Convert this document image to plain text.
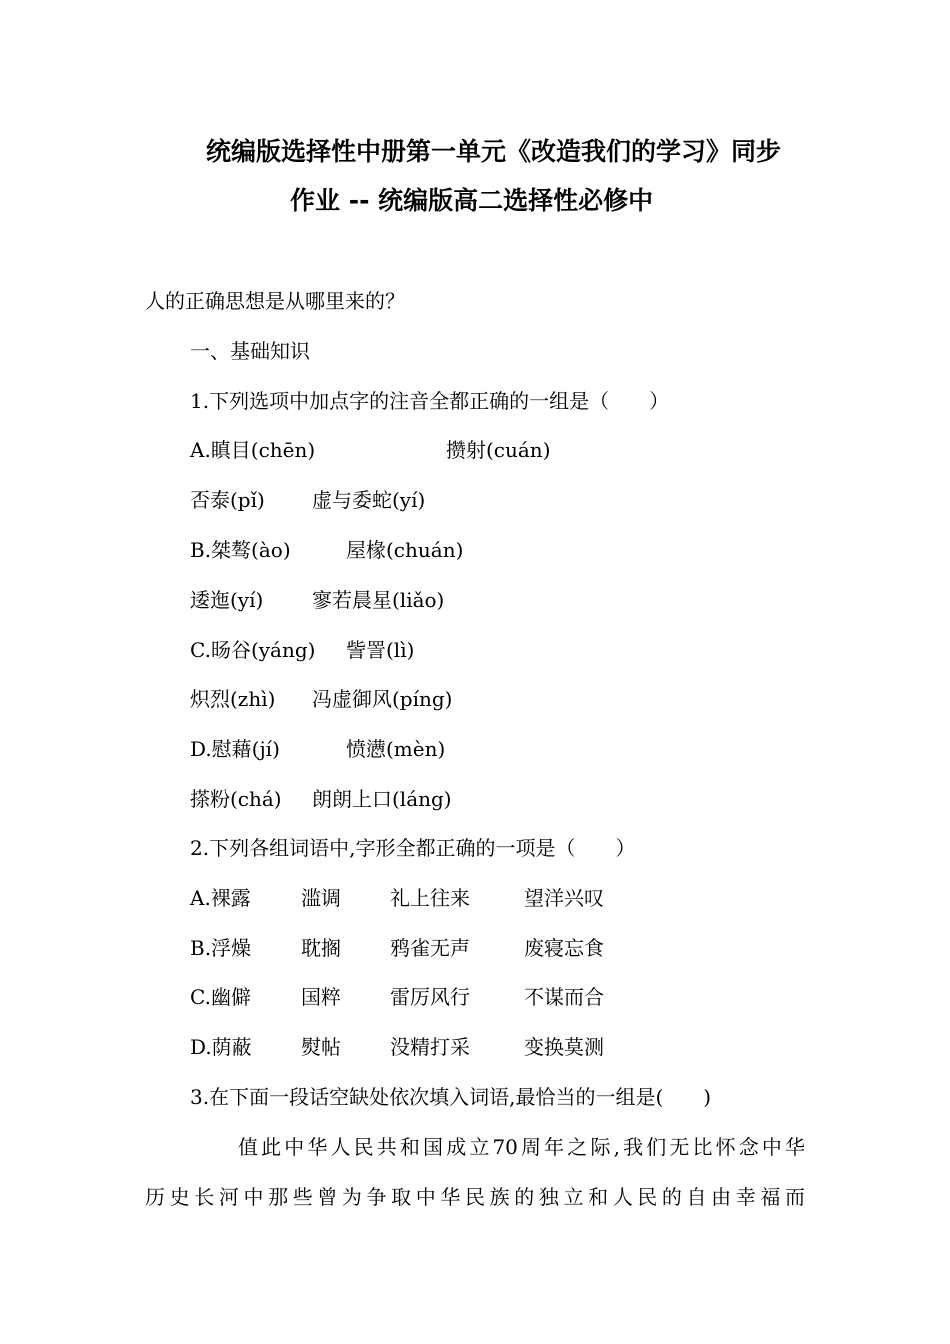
统编版选择性中册第一单元《改造我们的学习》同步
作业 -- 统编版高二选择性必修中
人的正确思想是从哪里来的？
一、基础知识
1.下列选项中加点字的注音全都正确的一组是（　　）
A.瞋目(chēn)	攒射(cuán)
否泰(pǐ) 虚与委蛇(yí)
B.桀骜(ào)	屋椽(chuán)
逶迤(yí) 寥若晨星(liǎo)
C.旸谷(yáng) 訾詈(lì)
炽烈(zhì) 冯虚御风(píng)
D.慰藉(jí)	愤懑(mèn)
搽粉(chá) 朗朗上口(láng)
2.下列各组词语中,字形全都正确的一项是（　　）
A.裸露	滥调 礼上往来	望洋兴叹
B.浮燥 耽搁 鸦雀无声	废寝忘食
C.幽僻	国粹 雷厉风行	不谋而合
D.荫蔽 熨帖 没精打采	变换莫测
3.在下面一段话空缺处依次填入词语,最恰当的一组是(　　)
值此中华人民共和国成立70周年之际,我们无比怀念中华
历史长河中那些曾为争取中华民族的独立和人民的自由幸福而
